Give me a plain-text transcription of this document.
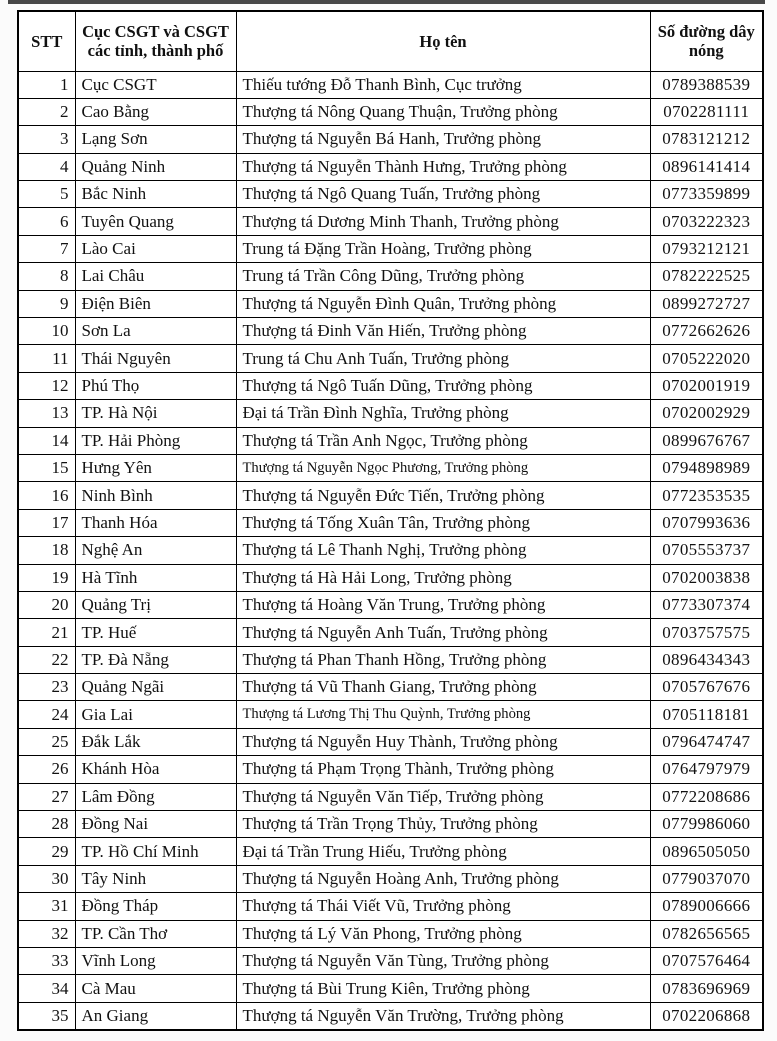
STT	Cục CSGT và CSGT các tỉnh, thành phố	Họ tên	Số đường dây nóng
1	Cục CSGT	Thiếu tướng Đỗ Thanh Bình, Cục trưởng	0789388539
2	Cao Bằng	Thượng tá Nông Quang Thuận, Trưởng phòng	0702281111
3	Lạng Sơn	Thượng tá Nguyễn Bá Hanh, Trưởng phòng	0783121212
4	Quảng Ninh	Thượng tá Nguyễn Thành Hưng, Trưởng phòng	0896141414
5	Bắc Ninh	Thượng tá Ngô Quang Tuấn, Trưởng phòng	0773359899
6	Tuyên Quang	Thượng tá Dương Minh Thanh, Trưởng phòng	0703222323
7	Lào Cai	Trung tá Đặng Trần Hoàng, Trưởng phòng	0793212121
8	Lai Châu	Trung tá Trần Công Dũng, Trưởng phòng	0782222525
9	Điện Biên	Thượng tá Nguyễn Đình Quân, Trưởng phòng	0899272727
10	Sơn La	Thượng tá Đinh Văn Hiến, Trưởng phòng	0772662626
11	Thái Nguyên	Trung tá Chu Anh Tuấn, Trưởng phòng	0705222020
12	Phú Thọ	Thượng tá Ngô Tuấn Dũng, Trưởng phòng	0702001919
13	TP. Hà Nội	Đại tá Trần Đình Nghĩa, Trưởng phòng	0702002929
14	TP. Hải Phòng	Thượng tá Trần Anh Ngọc, Trưởng phòng	0899676767
15	Hưng Yên	Thượng tá Nguyễn Ngọc Phương, Trưởng phòng	0794898989
16	Ninh Bình	Thượng tá Nguyễn Đức Tiến, Trưởng phòng	0772353535
17	Thanh Hóa	Thượng tá Tống Xuân Tân, Trưởng phòng	0707993636
18	Nghệ An	Thượng tá Lê Thanh Nghị, Trưởng phòng	0705553737
19	Hà Tĩnh	Thượng tá Hà Hải Long, Trưởng phòng	0702003838
20	Quảng Trị	Thượng tá Hoàng Văn Trung, Trưởng phòng	0773307374
21	TP. Huế	Thượng tá Nguyễn Anh Tuấn, Trưởng phòng	0703757575
22	TP. Đà Nẵng	Thượng tá Phan Thanh Hồng, Trưởng phòng	0896434343
23	Quảng Ngãi	Thượng tá Vũ Thanh Giang, Trưởng phòng	0705767676
24	Gia Lai	Thượng tá Lương Thị Thu Quỳnh, Trưởng phòng	0705118181
25	Đắk Lắk	Thượng tá Nguyễn Huy Thành, Trưởng phòng	0796474747
26	Khánh Hòa	Thượng tá Phạm Trọng Thành, Trưởng phòng	0764797979
27	Lâm Đồng	Thượng tá Nguyễn Văn Tiếp, Trưởng phòng	0772208686
28	Đồng Nai	Thượng tá Trần Trọng Thủy, Trưởng phòng	0779986060
29	TP. Hồ Chí Minh	Đại tá Trần Trung Hiếu, Trưởng phòng	0896505050
30	Tây Ninh	Thượng tá Nguyễn Hoàng Anh, Trưởng phòng	0779037070
31	Đồng Tháp	Thượng tá Thái Viết Vũ, Trưởng phòng	0789006666
32	TP. Cần Thơ	Thượng tá Lý Văn Phong, Trưởng phòng	0782656565
33	Vĩnh Long	Thượng tá Nguyễn Văn Tùng, Trưởng phòng	0707576464
34	Cà Mau	Thượng tá Bùi Trung Kiên, Trưởng phòng	0783696969
35	An Giang	Thượng tá Nguyễn Văn Trường, Trưởng phòng	0702206868
